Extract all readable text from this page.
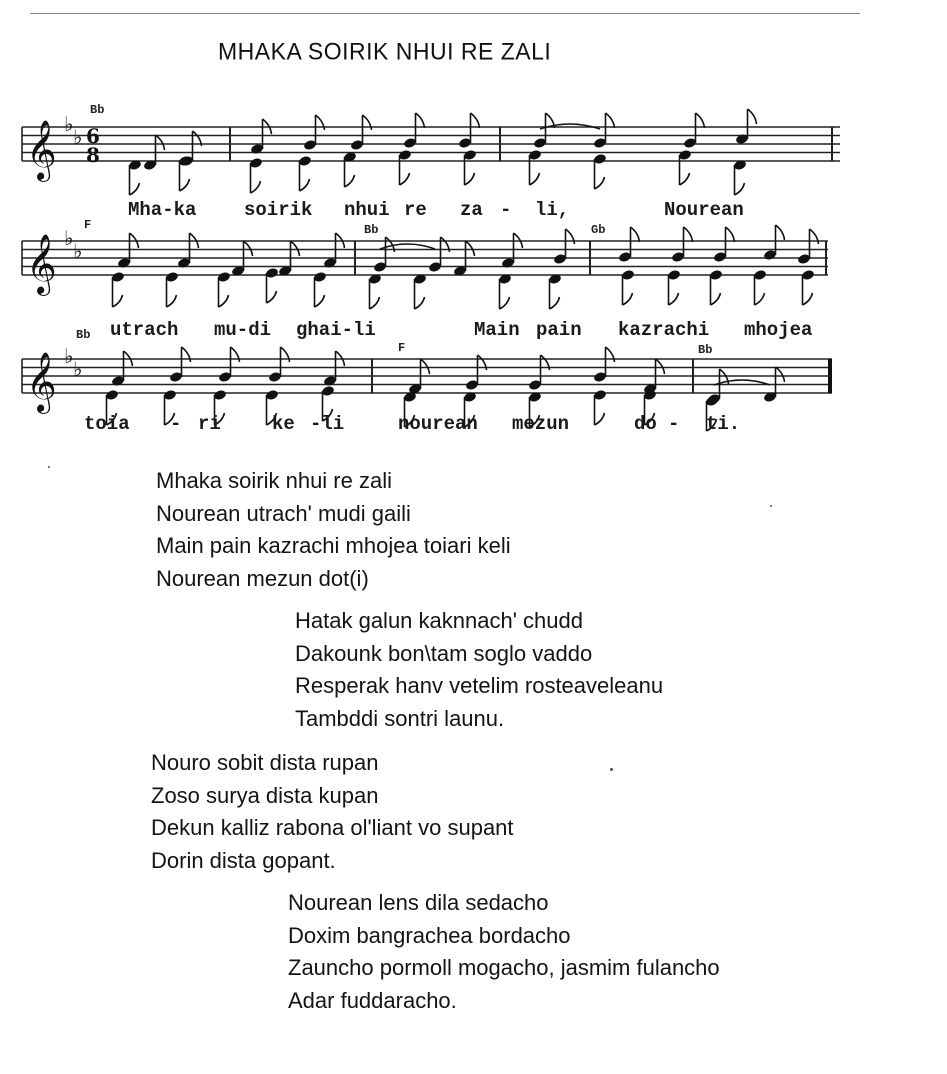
MHAKA SOIRIK NHUI RE ZALI
𝄞 ♭
♭ 6
8
Bb
Mha-ka	soirik nhui re za - li,	Nourean
𝄞 ♭
♭
F	Bb	Gb
utrach mu-di ghai-li	Main pain kazrachi mhojea
𝄞 ♭
♭
Bb
F	Bb
toia - ri	ke -li	nourean mezun	do - ti.
Mhaka soirik nhui re zali
Nourean utrach' mudi gaili
Main pain kazrachi mhojea toiari keli
Nourean mezun dot(i)
Hatak galun kaknnach' chudd
Dakounk bon\tam soglo vaddo
Resperak hanv vetelim rosteaveleanu
Tambddi sontri launu.
Nouro sobit dista rupan
Zoso surya dista kupan
Dekun kalliz rabona ol'liant vo supant
Dorin dista gopant.
Nourean lens dila sedacho
Doxim bangrachea bordacho
Zauncho pormoll mogacho, jasmim fulancho
Adar fuddaracho.
